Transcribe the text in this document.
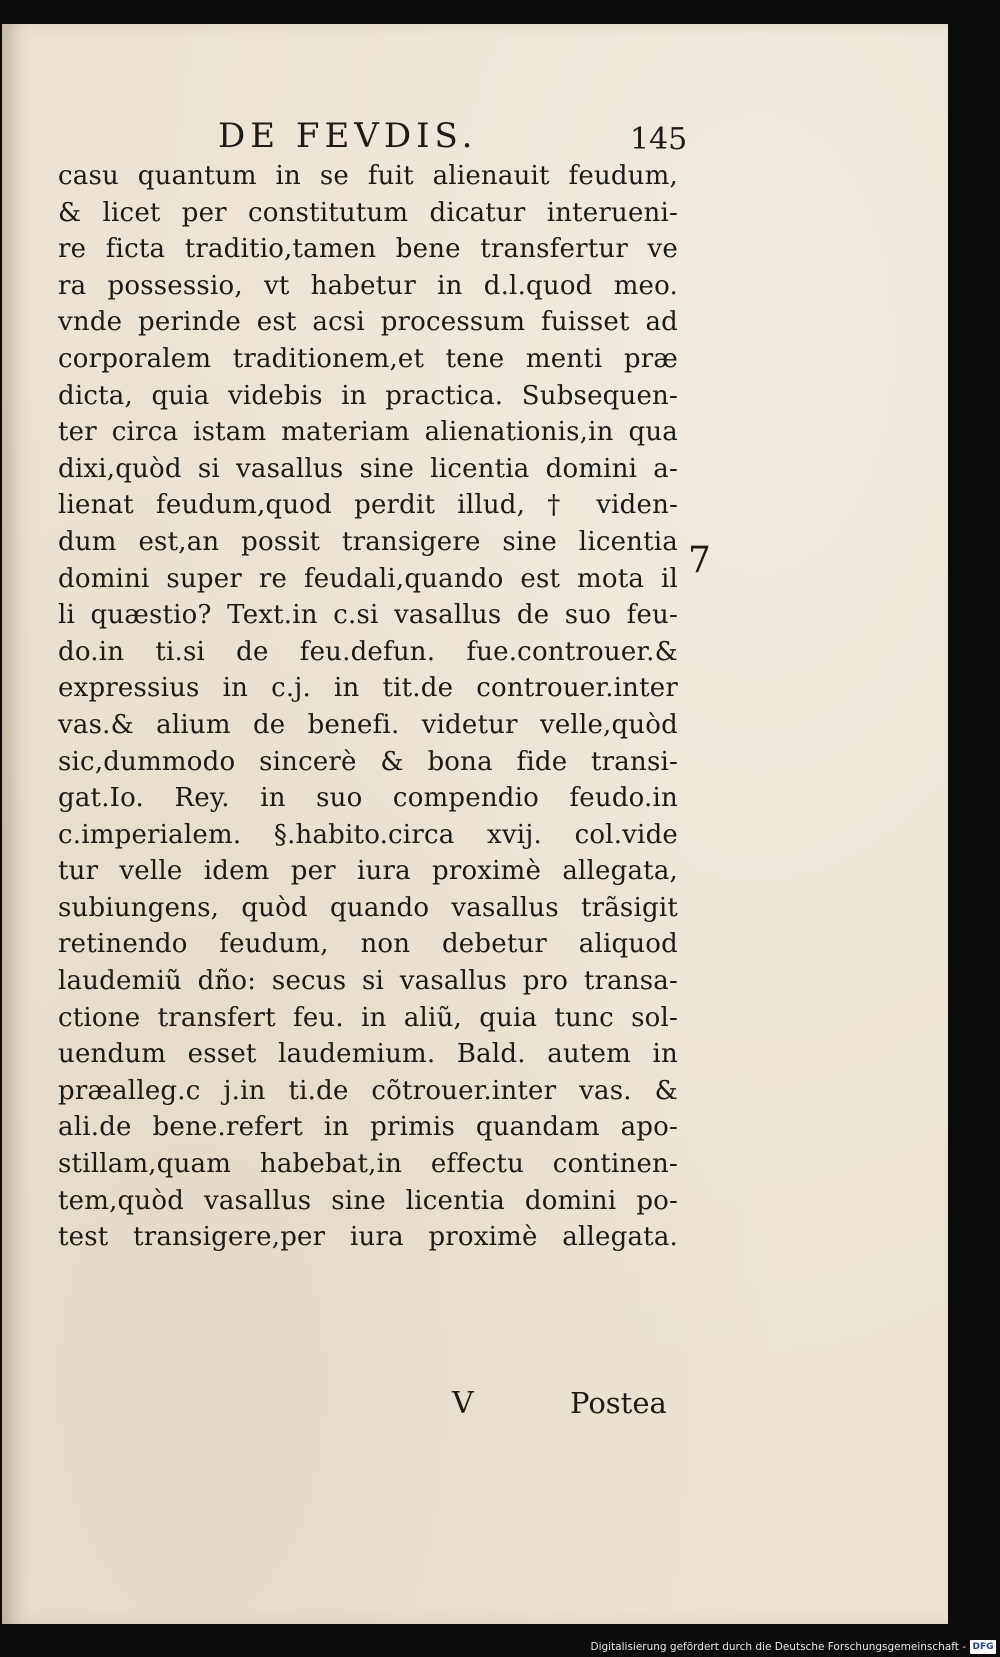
DE FEVDIS.	145
casu quantum in se fuit alienauit feudum,
& licet per constitutum dicatur interueni-
re ficta traditio,tamen bene transfertur ve
ra possessio, vt habetur in d.l.quod meo.
vnde perinde est acsi processum fuisset ad
corporalem traditionem,et tene menti præ
dicta, quia videbis in practica. Subsequen-
ter circa istam materiam alienationis,in qua
dixi,quòd si vasallus sine licentia domini a-
lienat feudum,quod perdit illud, † viden-
dum est,an possit transigere sine licentia
domini super re feudali,quando est mota il
li quæstio? Text.in c.si vasallus de suo feu-
do.in ti.si de feu.defun. fue.controuer.&
expressius in c.j. in tit.de controuer.inter
vas.& alium de benefi. videtur velle,quòd
sic,dummodo sincerè & bona fide transi-
gat.Io. Rey. in suo compendio feudo.in
c.imperialem. §.habito.circa xvij. col.vide
tur velle idem per iura proximè allegata,
subiungens, quòd quando vasallus trãsigit
retinendo feudum, non debetur aliquod
laudemiũ dño: secus si vasallus pro transa-
ctione transfert feu. in aliũ, quia tunc sol-
uendum esset laudemium. Bald. autem in
præalleg.c j.in ti.de cõtrouer.inter vas. &
ali.de bene.refert in primis quandam apo-
stillam,quam habebat,in effectu continen-
tem,quòd vasallus sine licentia domini po-
test transigere,per iura proximè allegata.
7
V	Postea
Digitalisierung gefördert durch die Deutsche Forschungsgemeinschaft - DFG
